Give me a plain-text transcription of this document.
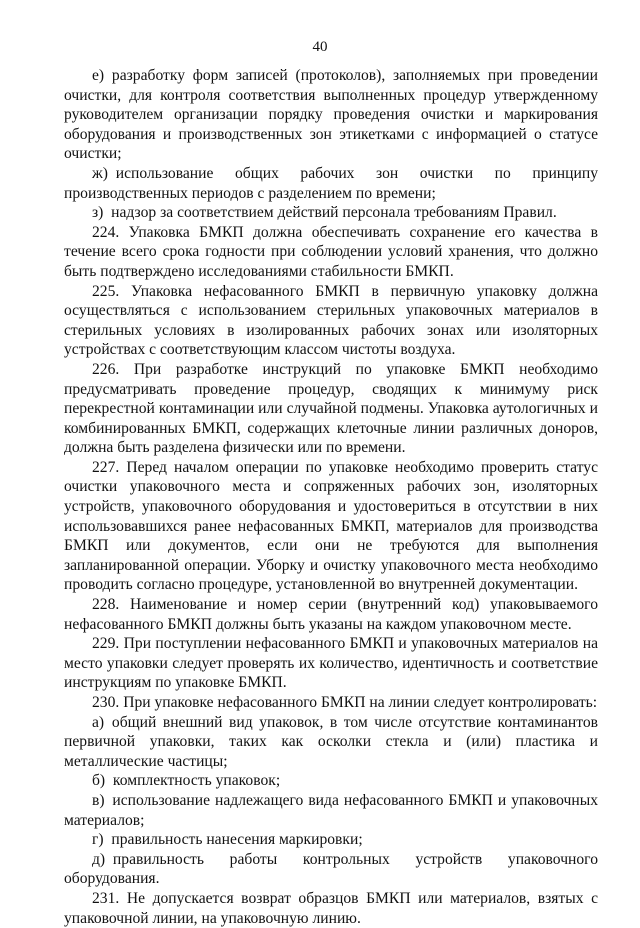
40

е) разработку форм записей (протоколов), заполняемых при проведении очистки, для контроля соответствия выполненных процедур утвержденному руководителем организации порядку проведения очистки и маркирования оборудования и производственных зон этикетками с информацией о статусе очистки;

ж) использование общих рабочих зон очистки по принципу производственных периодов с разделением по времени;

з) надзор за соответствием действий персонала требованиям Правил.

224. Упаковка БМКП должна обеспечивать сохранение его качества в течение всего срока годности при соблюдении условий хранения, что должно быть подтверждено исследованиями стабильности БМКП.

225. Упаковка нефасованного БМКП в первичную упаковку должна осуществляться с использованием стерильных упаковочных материалов в стерильных условиях в изолированных рабочих зонах или изоляторных устройствах с соответствующим классом чистоты воздуха.

226. При разработке инструкций по упаковке БМКП необходимо предусматривать проведение процедур, сводящих к минимуму риск перекрестной контаминации или случайной подмены. Упаковка аутологичных и комбинированных БМКП, содержащих клеточные линии различных доноров, должна быть разделена физически или по времени.

227. Перед началом операции по упаковке необходимо проверить статус очистки упаковочного места и сопряженных рабочих зон, изоляторных устройств, упаковочного оборудования и удостовериться в отсутствии в них использовавшихся ранее нефасованных БМКП, материалов для производства БМКП или документов, если они не требуются для выполнения запланированной операции. Уборку и очистку упаковочного места необходимо проводить согласно процедуре, установленной во внутренней документации.

228. Наименование и номер серии (внутренний код) упаковываемого нефасованного БМКП должны быть указаны на каждом упаковочном месте.

229. При поступлении нефасованного БМКП и упаковочных материалов на место упаковки следует проверять их количество, идентичность и соответствие инструкциям по упаковке БМКП.

230. При упаковке нефасованного БМКП на линии следует контролировать:

а) общий внешний вид упаковок, в том числе отсутствие контаминантов первичной упаковки, таких как осколки стекла и (или) пластика и металлические частицы;

б) комплектность упаковок;

в) использование надлежащего вида нефасованного БМКП и упаковочных материалов;

г) правильность нанесения маркировки;

д) правильность работы контрольных устройств упаковочного оборудования.

231. Не допускается возврат образцов БМКП или материалов, взятых с упаковочной линии, на упаковочную линию.
